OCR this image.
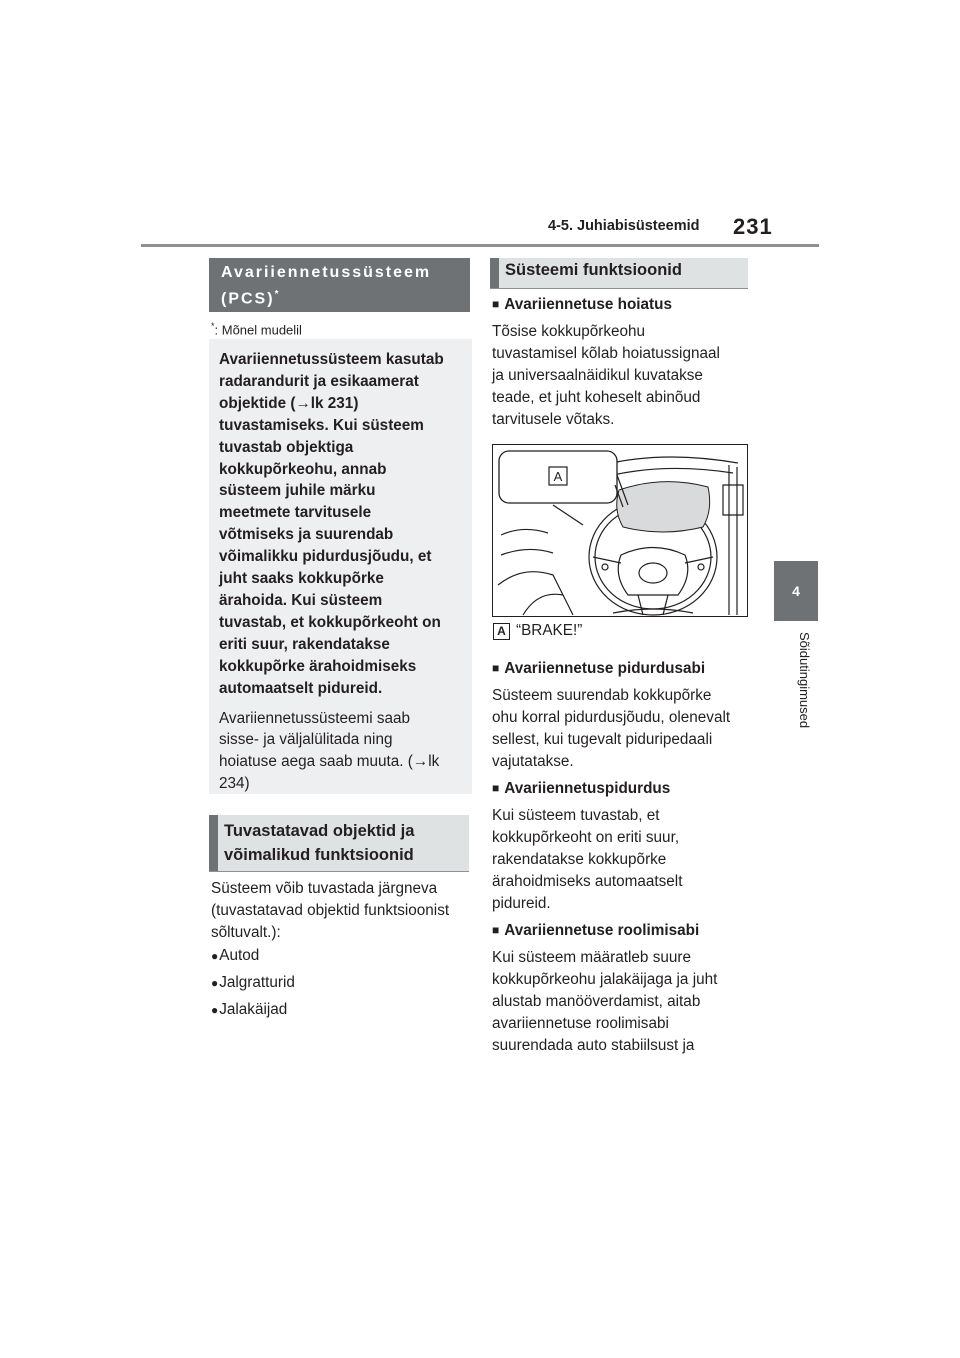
4-5. Juhiabisüsteemid 231
4
Sõidutingimused
Avariiennetussüsteem
(PCS)*
*: Mõnel mudelil
Avariiennetussüsteem kasutab
radarandurit ja esikaamerat
objektide (→lk 231)
tuvastamiseks. Kui süsteem
tuvastab objektiga
kokkupõrkeohu, annab
süsteem juhile märku
meetmete tarvitusele
võtmiseks ja suurendab
võimalikku pidurdusjõudu, et
juht saaks kokkupõrke
ärahoida. Kui süsteem
tuvastab, et kokkupõrkeoht on
eriti suur, rakendatakse
kokkupõrke ärahoidmiseks
automaatselt pidureid.
Avariiennetussüsteemi saab
sisse- ja väljalülitada ning
hoiatuse aega saab muuta. (→lk
234)
Tuvastatavad objektid ja
võimalikud funktsioonid
Süsteem võib tuvastada järgneva
(tuvastatavad objektid funktsioonist
sõltuvalt.):
●Autod
●Jalgratturid
●Jalakäijad
Süsteemi funktsioonid
■ Avariiennetuse hoiatus
Tõsise kokkupõrkeohu
tuvastamisel kõlab hoiatussignaal
ja universaalnäidikul kuvatakse
teade, et juht koheselt abinõud
tarvitusele võtaks.
A
A “BRAKE!”
■ Avariiennetuse pidurdusabi
Süsteem suurendab kokkupõrke
ohu korral pidurdusjõudu, olenevalt
sellest, kui tugevalt piduripedaali
vajutatakse.
■ Avariiennetuspidurdus
Kui süsteem tuvastab, et
kokkupõrkeoht on eriti suur,
rakendatakse kokkupõrke
ärahoidmiseks automaatselt
pidureid.
■ Avariiennetuse roolimisabi
Kui süsteem määratleb suure
kokkupõrkeohu jalakäijaga ja juht
alustab manööverdamist, aitab
avariiennetuse roolimisabi
suurendada auto stabiilsust ja
